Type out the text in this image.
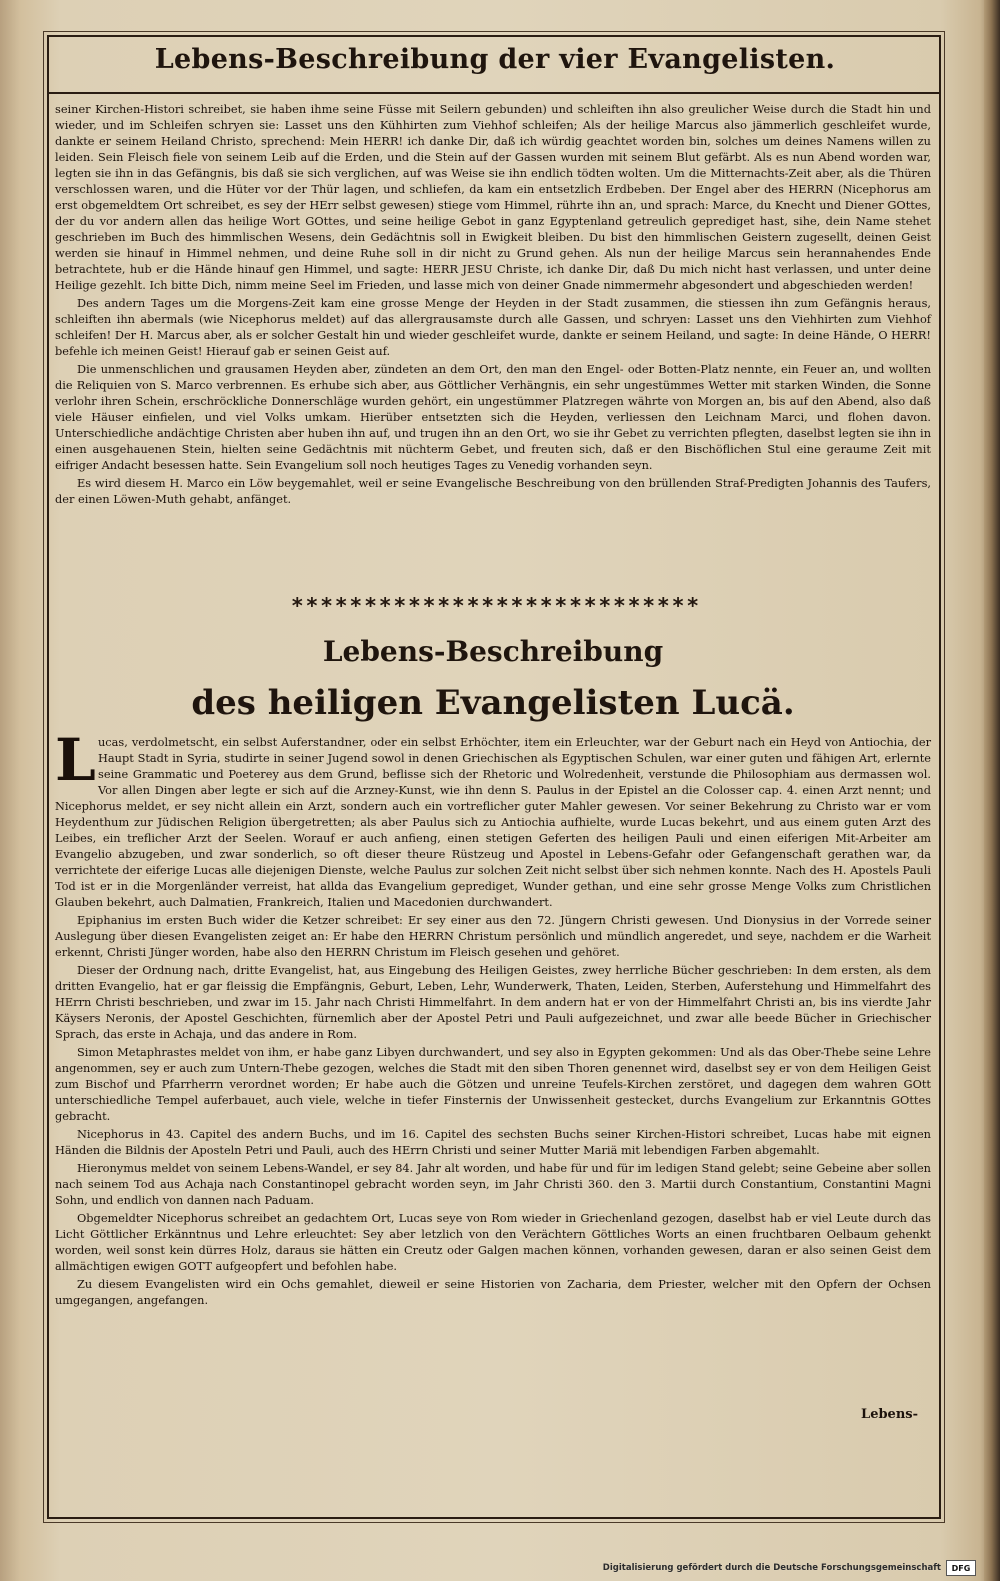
Lebens-Beschreibung der vier Evangelisten.

seiner Kirchen-Histori schreibet, sie haben ihme seine Füsse mit Seilern gebunden) und schleiften ihn also greulicher Weise durch die Stadt hin und wieder, und im Schleifen schryen sie: Lasset uns den Kühhirten zum Viehhof schleifen; Als der heilige Marcus also jämmerlich geschleifet wurde, dankte er seinem Heiland Christo, sprechend: Mein HERR! ich danke Dir, daß ich würdig geachtet worden bin, solches um deines Namens willen zu leiden. Sein Fleisch fiele von seinem Leib auf die Erden, und die Stein auf der Gassen wurden mit seinem Blut gefärbt. Als es nun Abend worden war, legten sie ihn in das Gefängnis, bis daß sie sich verglichen, auf was Weise sie ihn endlich tödten wolten. Um die Mitternachts-Zeit aber, als die Thüren verschlossen waren, und die Hüter vor der Thür lagen, und schliefen, da kam ein entsetzlich Erdbeben. Der Engel aber des HERRN (Nicephorus am erst obgemeldtem Ort schreibet, es sey der HErr selbst gewesen) stiege vom Himmel, rührte ihn an, und sprach: Marce, du Knecht und Diener GOttes, der du vor andern allen das heilige Wort GOttes, und seine heilige Gebot in ganz Egyptenland getreulich geprediget hast, sihe, dein Name stehet geschrieben im Buch des himmlischen Wesens, dein Gedächtnis soll in Ewigkeit bleiben. Du bist den himmlischen Geistern zugesellt, deinen Geist werden sie hinauf in Himmel nehmen, und deine Ruhe soll in dir nicht zu Grund gehen. Als nun der heilige Marcus sein herannahendes Ende betrachtete, hub er die Hände hinauf gen Himmel, und sagte: HERR JESU Christe, ich danke Dir, daß Du mich nicht hast verlassen, und unter deine Heilige gezehlt. Ich bitte Dich, nimm meine Seel im Frieden, und lasse mich von deiner Gnade nimmermehr abgesondert und abgeschieden werden!

Des andern Tages um die Morgens-Zeit kam eine grosse Menge der Heyden in der Stadt zusammen, die stiessen ihn zum Gefängnis heraus, schleiften ihn abermals (wie Nicephorus meldet) auf das allergrausamste durch alle Gassen, und schryen: Lasset uns den Viehhirten zum Viehhof schleifen! Der H. Marcus aber, als er solcher Gestalt hin und wieder geschleifet wurde, dankte er seinem Heiland, und sagte: In deine Hände, O HERR! befehle ich meinen Geist! Hierauf gab er seinen Geist auf.

Die unmenschlichen und grausamen Heyden aber, zündeten an dem Ort, den man den Engel- oder Botten-Platz nennte, ein Feuer an, und wollten die Reliquien von S. Marco verbrennen. Es erhube sich aber, aus Göttlicher Verhängnis, ein sehr ungestümmes Wetter mit starken Winden, die Sonne verlohr ihren Schein, erschröckliche Donnerschläge wurden gehört, ein ungestümmer Platzregen währte von Morgen an, bis auf den Abend, also daß viele Häuser einfielen, und viel Volks umkam. Hierüber entsetzten sich die Heyden, verliessen den Leichnam Marci, und flohen davon. Unterschiedliche andächtige Christen aber huben ihn auf, und trugen ihn an den Ort, wo sie ihr Gebet zu verrichten pflegten, daselbst legten sie ihn in einen ausgehauenen Stein, hielten seine Gedächtnis mit nüchterm Gebet, und freuten sich, daß er den Bischöflichen Stul eine geraume Zeit mit eifriger Andacht besessen hatte. Sein Evangelium soll noch heutiges Tages zu Venedig vorhanden seyn.

Es wird diesem H. Marco ein Löw beygemahlet, weil er seine Evangelische Beschreibung von den brüllenden Straf-Predigten Johannis des Taufers, der einen Löwen-Muth gehabt, anfänget.

****************************
Lebens-Beschreibung
des heiligen Evangelisten Lucä.

L ucas, verdolmetscht, ein selbst Auferstandner, oder ein selbst Erhöchter, item ein Erleuchter, war der Geburt nach ein Heyd von Antiochia, der Haupt Stadt in Syria, studirte in seiner Jugend sowol in denen Griechischen als Egyptischen Schulen, war einer guten und fähigen Art, erlernte seine Grammatic und Poeterey aus dem Grund, beflisse sich der Rhetoric und Wolredenheit, verstunde die Philosophiam aus dermassen wol. Vor allen Dingen aber legte er sich auf die Arzney-Kunst, wie ihn denn S. Paulus in der Epistel an die Colosser cap. 4. einen Arzt nennt; und Nicephorus meldet, er sey nicht allein ein Arzt, sondern auch ein vortreflicher guter Mahler gewesen. Vor seiner Bekehrung zu Christo war er vom Heydenthum zur Jüdischen Religion übergetretten; als aber Paulus sich zu Antiochia aufhielte, wurde Lucas bekehrt, und aus einem guten Arzt des Leibes, ein treflicher Arzt der Seelen. Worauf er auch anfieng, einen stetigen Geferten des heiligen Pauli und einen eiferigen Mit-Arbeiter am Evangelio abzugeben, und zwar sonderlich, so oft dieser theure Rüstzeug und Apostel in Lebens-Gefahr oder Gefangenschaft gerathen war, da verrichtete der eiferige Lucas alle diejenigen Dienste, welche Paulus zur solchen Zeit nicht selbst über sich nehmen konnte. Nach des H. Apostels Pauli Tod ist er in die Morgenländer verreist, hat allda das Evangelium geprediget, Wunder gethan, und eine sehr grosse Menge Volks zum Christlichen Glauben bekehrt, auch Dalmatien, Frankreich, Italien und Macedonien durchwandert.

Epiphanius im ersten Buch wider die Ketzer schreibet: Er sey einer aus den 72. Jüngern Christi gewesen. Und Dionysius in der Vorrede seiner Auslegung über diesen Evangelisten zeiget an: Er habe den HERRN Christum persönlich und mündlich angeredet, und seye, nachdem er die Warheit erkennt, Christi Jünger worden, habe also den HERRN Christum im Fleisch gesehen und gehöret.

Dieser der Ordnung nach, dritte Evangelist, hat, aus Eingebung des Heiligen Geistes, zwey herrliche Bücher geschrieben: In dem ersten, als dem dritten Evangelio, hat er gar fleissig die Empfängnis, Geburt, Leben, Lehr, Wunderwerk, Thaten, Leiden, Sterben, Auferstehung und Himmelfahrt des HErrn Christi beschrieben, und zwar im 15. Jahr nach Christi Himmelfahrt. In dem andern hat er von der Himmelfahrt Christi an, bis ins vierdte Jahr Käysers Neronis, der Apostel Geschichten, fürnemlich aber der Apostel Petri und Pauli aufgezeichnet, und zwar alle beede Bücher in Griechischer Sprach, das erste in Achaja, und das andere in Rom.

Simon Metaphrastes meldet von ihm, er habe ganz Libyen durchwandert, und sey also in Egypten gekommen: Und als das Ober-Thebe seine Lehre angenommen, sey er auch zum Untern-Thebe gezogen, welches die Stadt mit den siben Thoren genennet wird, daselbst sey er von dem Heiligen Geist zum Bischof und Pfarrherrn verordnet worden; Er habe auch die Götzen und unreine Teufels-Kirchen zerstöret, und dagegen dem wahren GOtt unterschiedliche Tempel auferbauet, auch viele, welche in tiefer Finsternis der Unwissenheit gestecket, durchs Evangelium zur Erkanntnis GOttes gebracht.

Nicephorus in 43. Capitel des andern Buchs, und im 16. Capitel des sechsten Buchs seiner Kirchen-Histori schreibet, Lucas habe mit eignen Händen die Bildnis der Aposteln Petri und Pauli, auch des HErrn Christi und seiner Mutter Mariä mit lebendigen Farben abgemahlt.

Hieronymus meldet von seinem Lebens-Wandel, er sey 84. Jahr alt worden, und habe für und für im ledigen Stand gelebt; seine Gebeine aber sollen nach seinem Tod aus Achaja nach Constantinopel gebracht worden seyn, im Jahr Christi 360. den 3. Martii durch Constantium, Constantini Magni Sohn, und endlich von dannen nach Paduam.

Obgemeldter Nicephorus schreibet an gedachtem Ort, Lucas seye von Rom wieder in Griechenland gezogen, daselbst hab er viel Leute durch das Licht Göttlicher Erkänntnus und Lehre erleuchtet: Sey aber letzlich von den Verächtern Göttliches Worts an einen fruchtbaren Oelbaum gehenkt worden, weil sonst kein dürres Holz, daraus sie hätten ein Creutz oder Galgen machen können, vorhanden gewesen, daran er also seinen Geist dem allmächtigen ewigen GOTT aufgeopfert und befohlen habe.

Zu diesem Evangelisten wird ein Ochs gemahlet, dieweil er seine Historien von Zacharia, dem Priester, welcher mit den Opfern der Ochsen umgegangen, angefangen.

Lebens-
Digitalisierung gefördert durch die Deutsche Forschungsgemeinschaft	DFG
